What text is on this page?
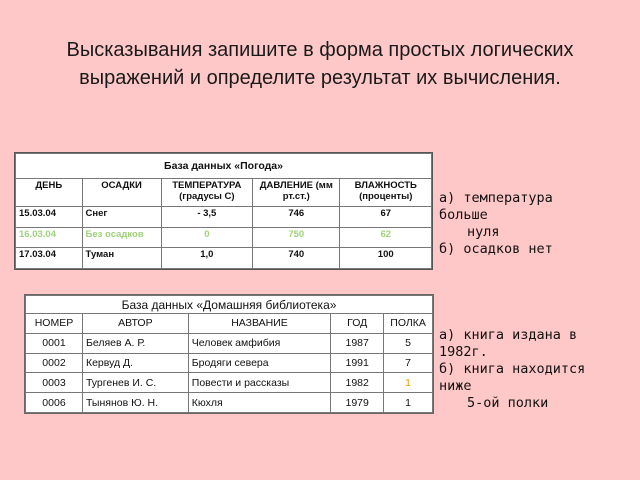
Высказывания запишите в форма простых логических
выражений и определите результат их вычисления.
База данных «Погода»				
ДЕНЬ	ОСАДКИ	ТЕМПЕРАТУРА (градусы С)	ДАВЛЕНИЕ (мм рт.ст.)	ВЛАЖНОСТЬ (проценты)
15.03.04	Снег	- 3,5	746	67
16.03.04	Без осадков	0	750	62
17.03.04	Туман	1,0	740	100
а) температура
больше
нуля
б) осадков нет
База данных «Домашняя библиотека»				
НОМЕР	АВТОР	НАЗВАНИЕ	ГОД	ПОЛКА
0001	Беляев А. Р.	Человек амфибия	1987	5
0002	Кервуд Д.	Бродяги севера	1991	7
0003	Тургенев И. С.	Повести и рассказы	1982	1
0006	Тынянов Ю. Н.	Кюхля	1979	1
а) книга издана в
1982г.
б) книга находится
ниже
5-ой полки
